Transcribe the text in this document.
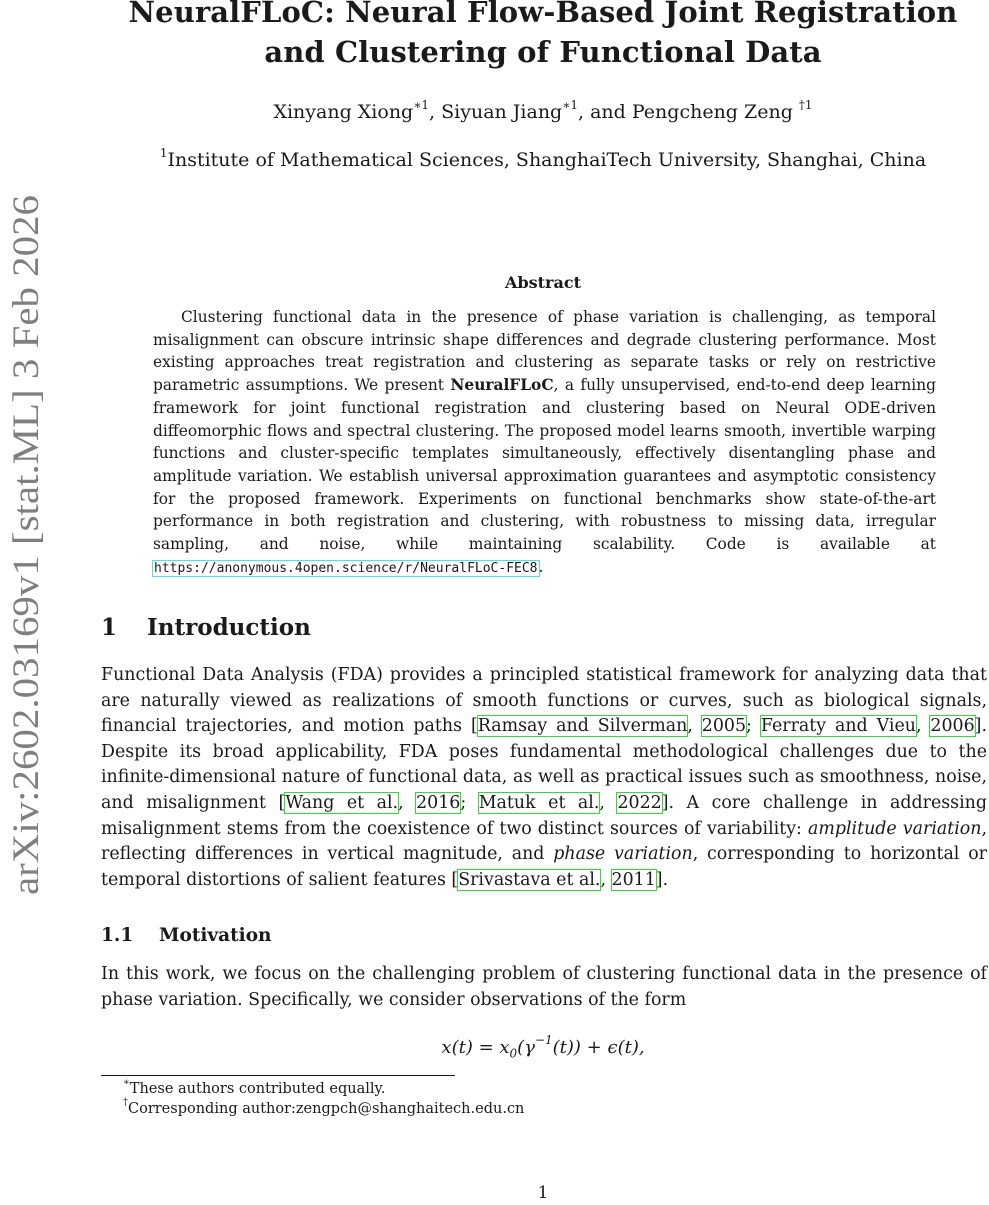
arXiv:2602.03169v1 [stat.ML] 3 Feb 2026
NeuralFLoC: Neural Flow-Based Joint Registration
and Clustering of Functional Data
Xinyang Xiong$^{∗1}$, Siyuan Jiang$^{∗1}$, and Pengcheng Zeng $^{\dagger 1}$
$^1$Institute of Mathematical Sciences, ShanghaiTech University, Shanghai, China
Abstract

Clustering functional data in the presence of phase variation is challenging, as temporal misalignment can obscure intrinsic shape differences and degrade clustering performance. Most existing approaches treat registration and clustering as separate tasks or rely on restrictive parametric assumptions. We present NeuralFLoC, a fully unsupervised, end-to-end deep learning framework for joint functional registration and clustering based on Neural ODE-driven diffeomorphic flows and spectral clustering. The proposed model learns smooth, invertible warping functions and cluster-specific templates simultaneously, effectively disentangling phase and amplitude variation. We establish universal approximation guarantees and asymptotic consistency for the proposed framework. Experiments on functional benchmarks show state-of-the-art performance in both registration and clustering, with robustness to missing data, irregular sampling, and noise, while maintaining scalability. Code is available at https://anonymous.4open.science/r/NeuralFLoC-FEC8.

1 Introduction

Functional Data Analysis (FDA) provides a principled statistical framework for analyzing data that are naturally viewed as realizations of smooth functions or curves, such as biological signals, financial trajectories, and motion paths [Ramsay and Silverman, 2005; Ferraty and Vieu, 2006]. Despite its broad applicability, FDA poses fundamental methodological challenges due to the infinite-dimensional nature of functional data, as well as practical issues such as smoothness, noise, and misalignment [Wang et al., 2016; Matuk et al., 2022]. A core challenge in addressing misalignment stems from the coexistence of two distinct sources of variability: amplitude variation, reflecting differences in vertical magnitude, and phase variation, corresponding to horizontal or temporal distortions of salient features [Srivastava et al., 2011].

1.1 Motivation

In this work, we focus on the challenging problem of clustering functional data in the presence of phase variation. Specifically, we consider observations of the form

$x(t) = x_0(\gamma^{-1}(t)) + \epsilon(t)$,
∗These authors contributed equally.
†Corresponding author:zengpch@shanghaitech.edu.cn
1
